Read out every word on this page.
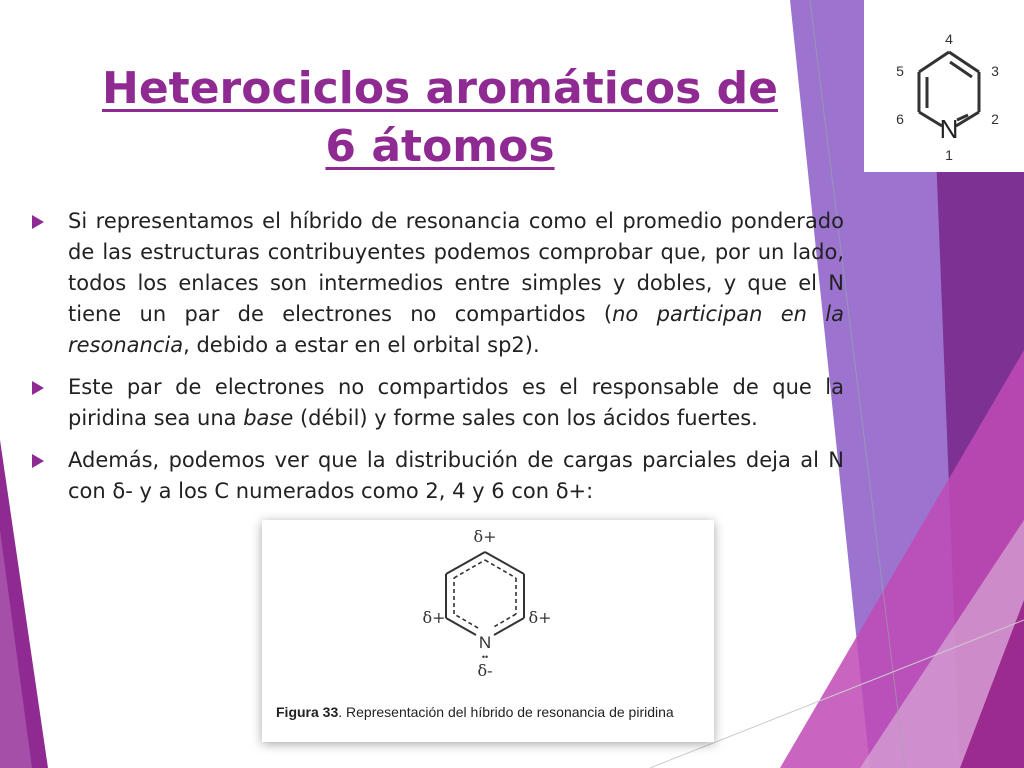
N
4
3
2
1
6
5
Heterociclos aromáticos de
6 átomos
Si representamos el híbrido de resonancia como el promedio ponderado de las estructuras contribuyentes podemos comprobar que, por un lado, todos los enlaces son intermedios entre simples y dobles, y que el N tiene un par de electrones no compartidos (no participan en la resonancia, debido a estar en el orbital sp2).
Este par de electrones no compartidos es el responsable de que la piridina sea una base (débil) y forme sales con los ácidos fuertes.
Además, podemos ver que la distribución de cargas parciales deja al N con δ- y a los C numerados como 2, 4 y 6 con δ+:
δ+
δ+	δ+
δ-
N
••
Figura 33. Representación del híbrido de resonancia de piridina
